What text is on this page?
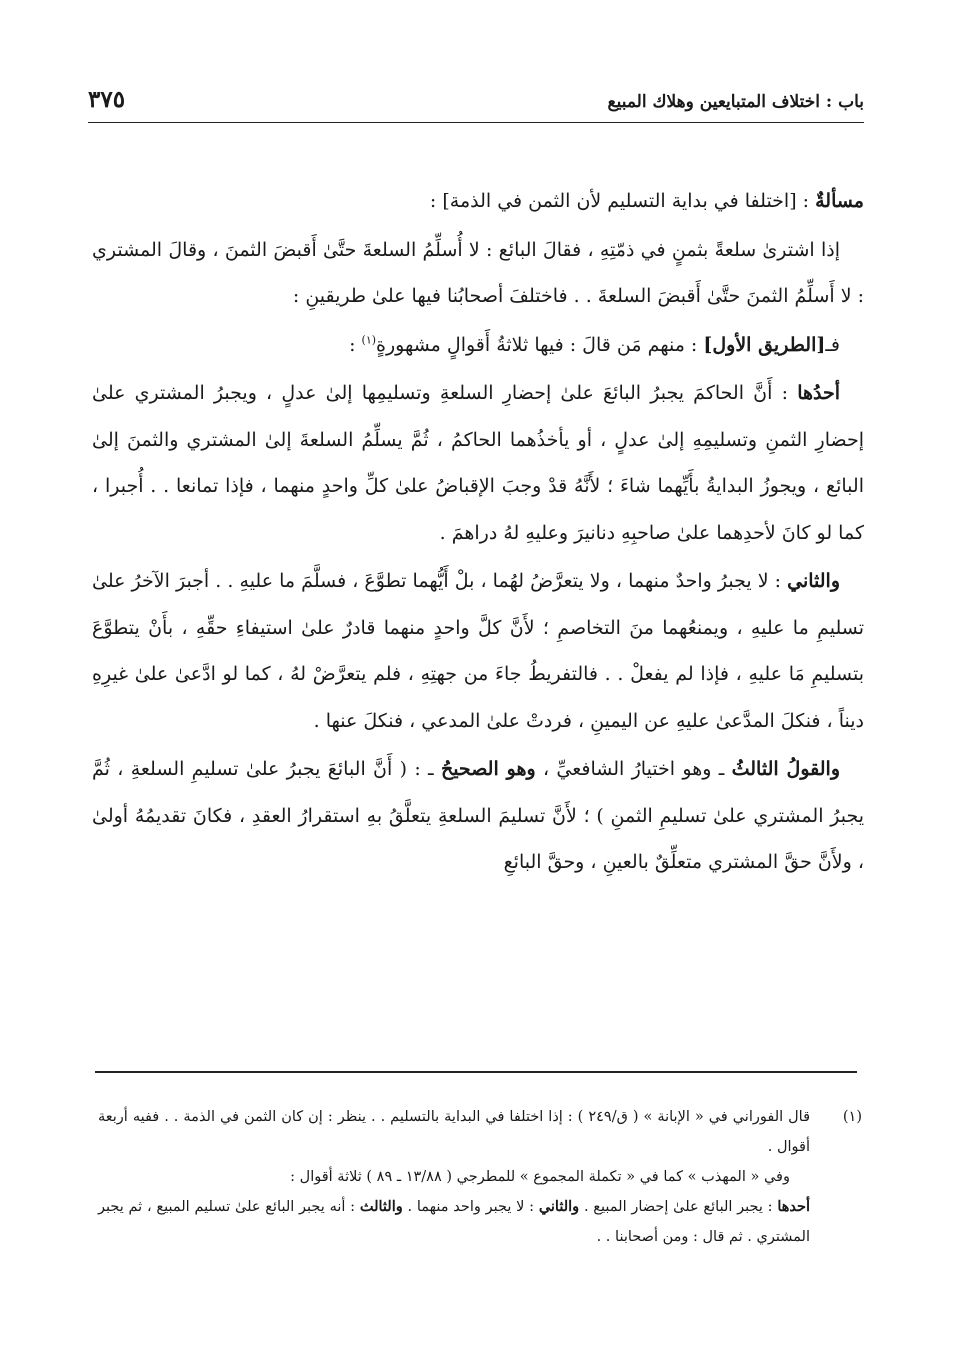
باب : اختلاف المتبايعين وهلاك المبيع
٣٧٥

مسألةٌ : [اختلفا في بداية التسليم لأن الثمن في الذمة] :

إذا اشترىٰ سلعةً بثمنٍ في ذمّتِهِ ، فقالَ البائع : لا أُسلِّمُ السلعةَ حتَّىٰ أَقبضَ الثمنَ ، وقالَ المشتري : لا أَسلِّمُ الثمنَ حتَّىٰ أَقبضَ السلعةَ . . فاختلفَ أصحابُنا فيها علىٰ طريقينِ :

فـ[الطريق الأول] : منهم مَن قالَ : فيها ثلاثةُ أَقوالٍ مشهورةٍ$^{(١)}$ :

أحدُها : أَنَّ الحاكمَ يجبرُ البائعَ علىٰ إحضارِ السلعةِ وتسليمِها إلىٰ عدلٍ ، ويجبرُ المشتري علىٰ إحضارِ الثمنِ وتسليمِهِ إلىٰ عدلٍ ، أو يأخذُهما الحاكمُ ، ثُمَّ يسلِّمُ السلعةَ إلىٰ المشتري والثمنَ إلىٰ البائع ، ويجوزُ البدايةُ بأَيِّهما شاءَ ؛ لأَنَّهُ قدْ وجبَ الإقباضُ علىٰ كلِّ واحدٍ منهما ، فإذا تمانعا . . أُجبرا ، كما لو كانَ لأحدِهما علىٰ صاحبِهِ دنانيرَ وعليهِ لهُ دراهمَ .

والثاني : لا يجبرُ واحدٌ منهما ، ولا يتعرَّضُ لهُما ، بلْ أَيُّهما تطوَّعَ ، فسلَّمَ ما عليهِ . . أجبرَ الآخرُ علىٰ تسليمِ ما عليهِ ، ويمنعُهما منَ التخاصمِ ؛ لأَنَّ كلَّ واحدٍ منهما قادرٌ علىٰ استيفاءِ حقِّهِ ، بأَنْ يتطوَّعَ بتسليمِ مَا عليهِ ، فإذا لم يفعلْ . . فالتفريطُ جاءَ من جهتِهِ ، فلم يتعرَّضْ لهُ ، كما لو ادَّعىٰ علىٰ غيرِهِ ديناً ، فنكلَ المدَّعىٰ عليهِ عن اليمينِ ، فردتْ علىٰ المدعي ، فنكلَ عنها .

والقولُ الثالثُ ـ وهو اختيارُ الشافعيِّ ، وهو الصحيحُ ـ : ( أَنَّ البائعَ يجبرُ علىٰ تسليمِ السلعةِ ، ثُمَّ يجبرُ المشتري علىٰ تسليمِ الثمنِ ) ؛ لأَنَّ تسليمَ السلعةِ يتعلَّقُ بهِ استقرارُ العقدِ ، فكانَ تقديمُهُ أولىٰ ، ولأَنَّ حقَّ المشتري متعلِّقٌ بالعينِ ، وحقَّ البائعِ

(١)

قال الفوراني في « الإبانة » ( ق/٢٤٩ ) : إذا اختلفا في البداية بالتسليم . . ينظر : إن كان الثمن في الذمة . . ففيه أربعة أقوال .

وفي « المهذب » كما في « تكملة المجموع » للمطرجي ( ١٣/٨٨ ـ ٨٩ ) ثلاثة أقوال :

أحدها : يجبر البائع علىٰ إحضار المبيع . والثاني : لا يجبر واحد منهما . والثالث : أنه يجبر البائع علىٰ تسليم المبيع ، ثم يجبر المشتري . ثم قال : ومن أصحابنا . .
